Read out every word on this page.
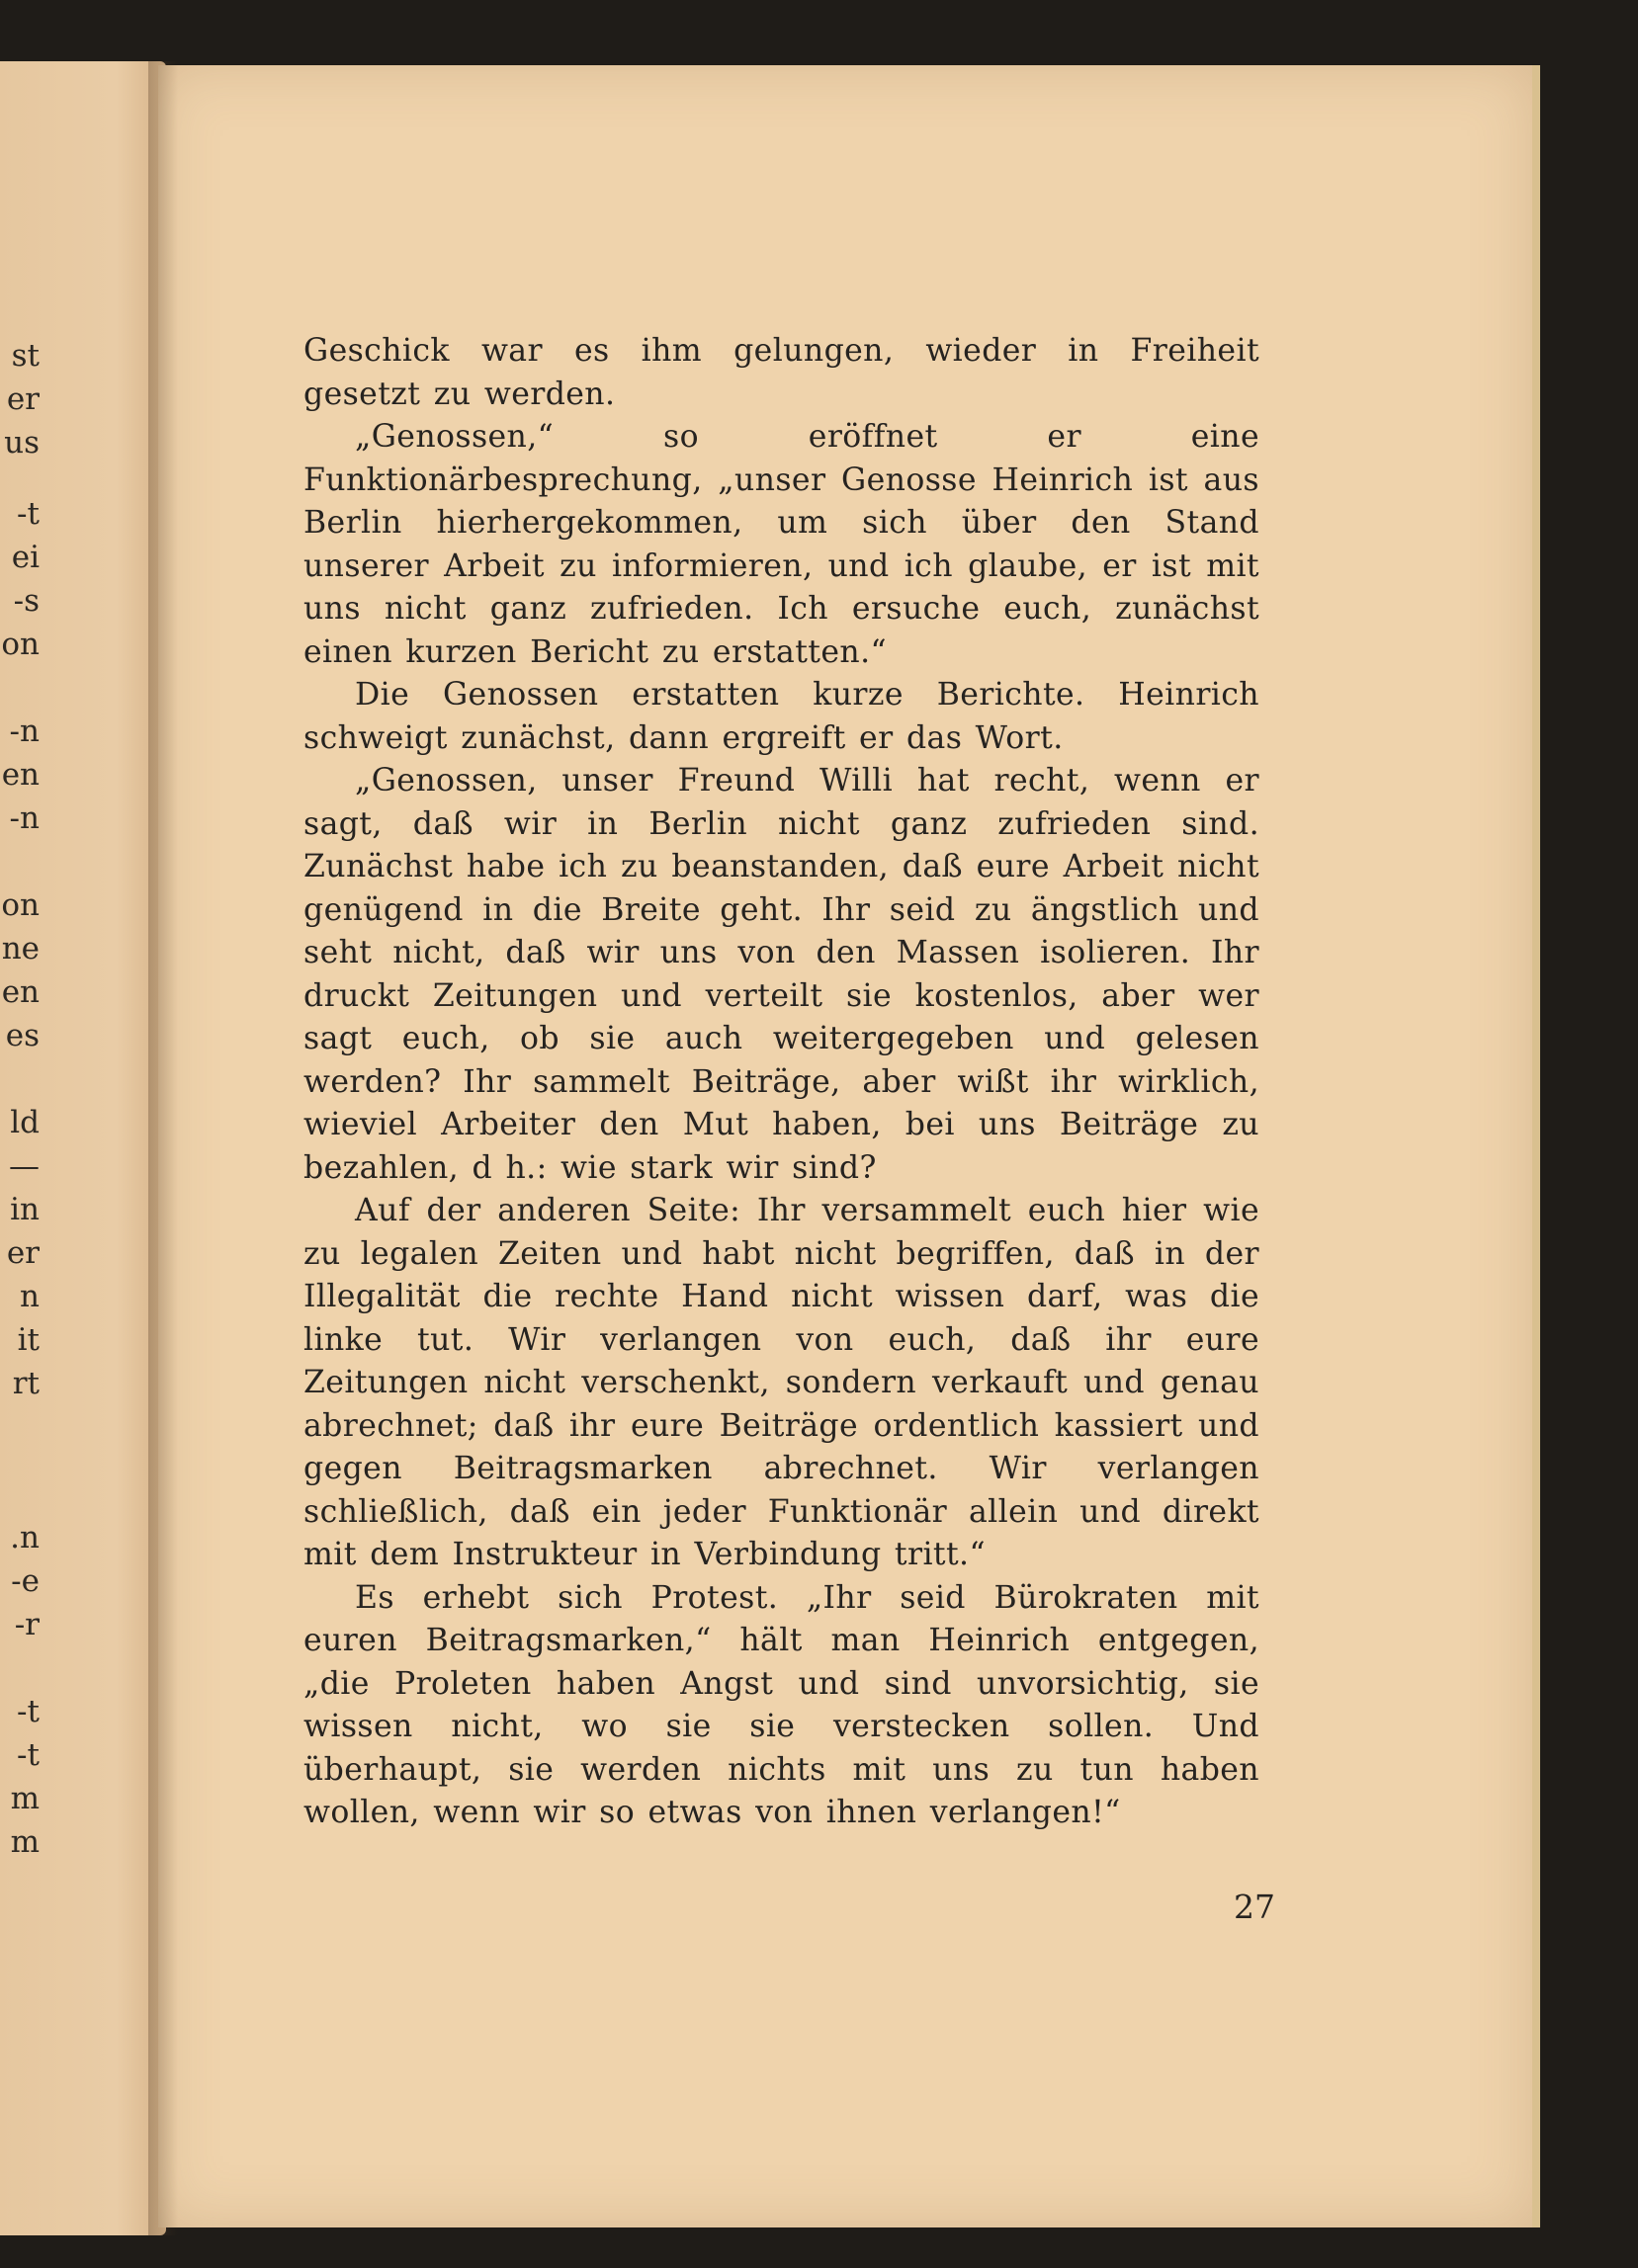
st
er
us
t-
ei
s-
on
n-
en
n-
on
ne
en
es
ld
—
in
er
n
it
rt
n.
e-
r-
t-
t-
m
m

Geschick war es ihm gelungen, wieder in Freiheit gesetzt zu werden.

„Genossen,“ so eröffnet er eine Funktionärbesprechung, „unser Genosse Heinrich ist aus Berlin hierhergekommen, um sich über den Stand unserer Arbeit zu informieren, und ich glaube, er ist mit uns nicht ganz zufrieden. Ich ersuche euch, zunächst einen kurzen Bericht zu erstatten.“

Die Genossen erstatten kurze Berichte. Heinrich schweigt zunächst, dann ergreift er das Wort.

„Genossen, unser Freund Willi hat recht, wenn er sagt, daß wir in Berlin nicht ganz zufrieden sind. Zunächst habe ich zu beanstanden, daß eure Arbeit nicht genügend in die Breite geht. Ihr seid zu ängstlich und seht nicht, daß wir uns von den Massen isolieren. Ihr druckt Zeitungen und verteilt sie kostenlos, aber wer sagt euch, ob sie auch weitergegeben und gelesen werden? Ihr sammelt Beiträge, aber wißt ihr wirklich, wieviel Arbeiter den Mut haben, bei uns Beiträge zu bezahlen, d h.: wie stark wir sind?

Auf der anderen Seite: Ihr versammelt euch hier wie zu legalen Zeiten und habt nicht begriffen, daß in der Illegalität die rechte Hand nicht wissen darf, was die linke tut. Wir verlangen von euch, daß ihr eure Zeitungen nicht verschenkt, sondern verkauft und genau abrechnet; daß ihr eure Beiträge ordentlich kassiert und gegen Beitragsmarken abrechnet. Wir verlangen schließlich, daß ein jeder Funktionär allein und direkt mit dem Instrukteur in Verbindung tritt.“

Es erhebt sich Protest. „Ihr seid Bürokraten mit euren Beitragsmarken,“ hält man Heinrich entgegen, „die Proleten haben Angst und sind unvorsichtig, sie wissen nicht, wo sie sie verstecken sollen. Und überhaupt, sie werden nichts mit uns zu tun haben wollen, wenn wir so etwas von ihnen verlangen!“

27
